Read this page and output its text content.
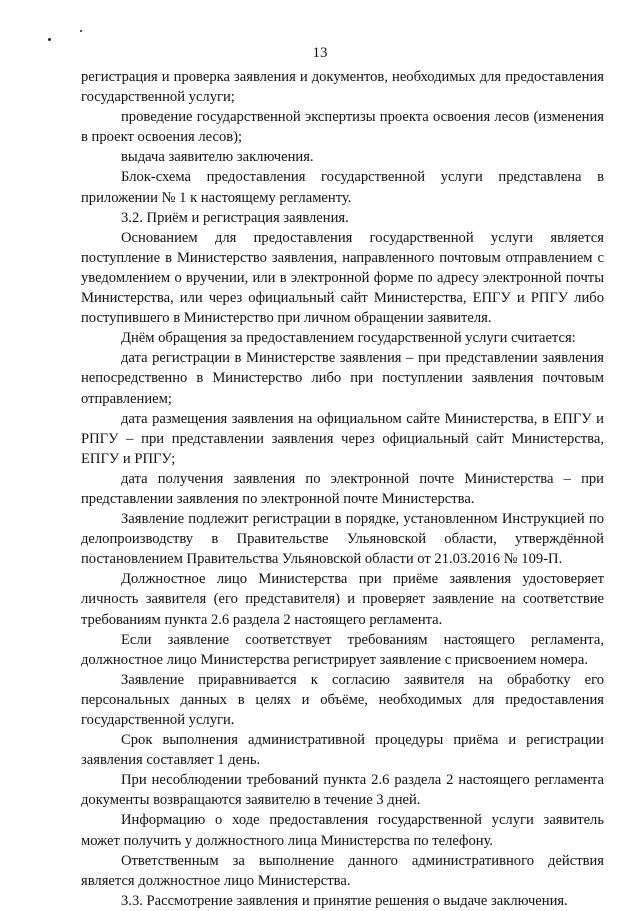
13

регистрация и проверка заявления и документов, необходимых для предоставления государственной услуги;

проведение государственной экспертизы проекта освоения лесов (изменения в проект освоения лесов);

выдача заявителю заключения.

Блок-схема предоставления государственной услуги представлена в приложении № 1 к настоящему регламенту.

3.2. Приём и регистрация заявления.

Основанием для предоставления государственной услуги является поступление в Министерство заявления, направленного почтовым отправлением с уведомлением о вручении, или в электронной форме по адресу электронной почты Министерства, или через официальный сайт Министерства, ЕПГУ и РПГУ либо поступившего в Министерство при личном обращении заявителя.

Днём обращения за предоставлением государственной услуги считается:

дата регистрации в Министерстве заявления – при представлении заявления непосредственно в Министерство либо при поступлении заявления почтовым отправлением;

дата размещения заявления на официальном сайте Министерства, в ЕПГУ и РПГУ – при представлении заявления через официальный сайт Министерства, ЕПГУ и РПГУ;

дата получения заявления по электронной почте Министерства – при представлении заявления по электронной почте Министерства.

Заявление подлежит регистрации в порядке, установленном Инструкцией по делопроизводству в Правительстве Ульяновской области, утверждённой постановлением Правительства Ульяновской области от 21.03.2016 № 109-П.

Должностное лицо Министерства при приёме заявления удостоверяет личность заявителя (его представителя) и проверяет заявление на соответствие требованиям пункта 2.6 раздела 2 настоящего регламента.

Если заявление соответствует требованиям настоящего регламента, должностное лицо Министерства регистрирует заявление с присвоением номера.

Заявление приравнивается к согласию заявителя на обработку его персональных данных в целях и объёме, необходимых для предоставления государственной услуги.

Срок выполнения административной процедуры приёма и регистрации заявления составляет 1 день.

При несоблюдении требований пункта 2.6 раздела 2 настоящего регламента документы возвращаются заявителю в течение 3 дней.

Информацию о ходе предоставления государственной услуги заявитель может получить у должностного лица Министерства по телефону.

Ответственным за выполнение данного административного действия является должностное лицо Министерства.

3.3. Рассмотрение заявления и принятие решения о выдаче заключения.
